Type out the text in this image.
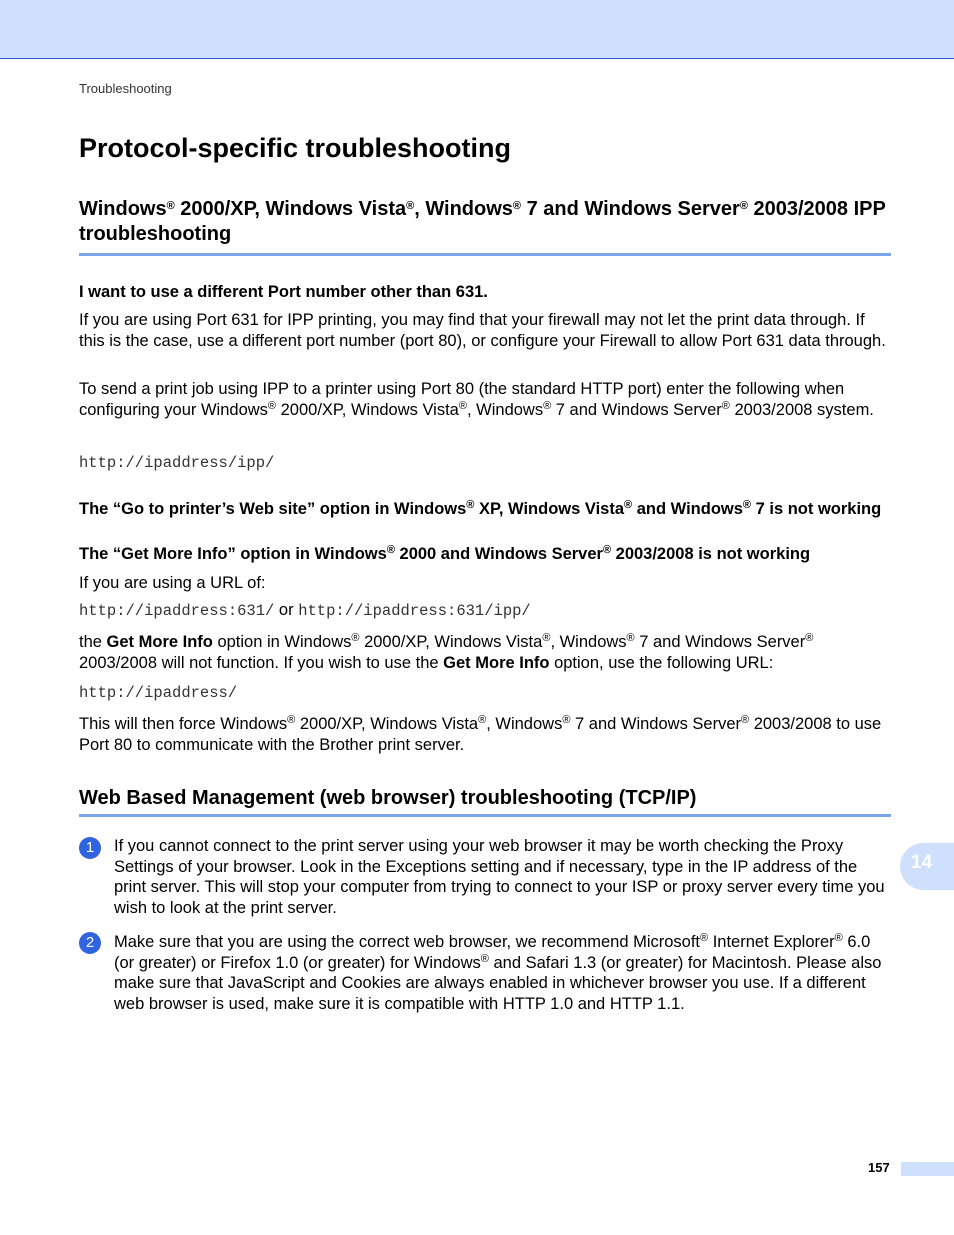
Troubleshooting
Protocol-specific troubleshooting
Windows® 2000/XP, Windows Vista®, Windows® 7 and Windows Server® 2003/2008 IPP troubleshooting
I want to use a different Port number other than 631.

If you are using Port 631 for IPP printing, you may find that your firewall may not let the print data through. If this is the case, use a different port number (port 80), or configure your Firewall to allow Port 631 data through.

To send a print job using IPP to a printer using Port 80 (the standard HTTP port) enter the following when configuring your Windows® 2000/XP, Windows Vista®, Windows® 7 and Windows Server® 2003/2008 system.

http://ipaddress/ipp/
The “Go to printer’s Web site” option in Windows® XP, Windows Vista® and Windows® 7 is not working
The “Get More Info” option in Windows® 2000 and Windows Server® 2003/2008 is not working

If you are using a URL of:

http://ipaddress:631/ or http://ipaddress:631/ipp/

the Get More Info option in Windows® 2000/XP, Windows Vista®, Windows® 7 and Windows Server® 2003/2008 will not function. If you wish to use the Get More Info option, use the following URL:

http://ipaddress/

This will then force Windows® 2000/XP, Windows Vista®, Windows® 7 and Windows Server® 2003/2008 to use Port 80 to communicate with the Brother print server.

Web Based Management (web browser) troubleshooting (TCP/IP)
1	If you cannot connect to the print server using your web browser it may be worth checking the Proxy Settings of your browser. Look in the Exceptions setting and if necessary, type in the IP address of the print server. This will stop your computer from trying to connect to your ISP or proxy server every time you wish to look at the print server.

2	Make sure that you are using the correct web browser, we recommend Microsoft® Internet Explorer® 6.0 (or greater) or Firefox 1.0 (or greater) for Windows® and Safari 1.3 (or greater) for Macintosh. Please also make sure that JavaScript and Cookies are always enabled in whichever browser you use. If a different web browser is used, make sure it is compatible with HTTP 1.0 and HTTP 1.1.

14
157
